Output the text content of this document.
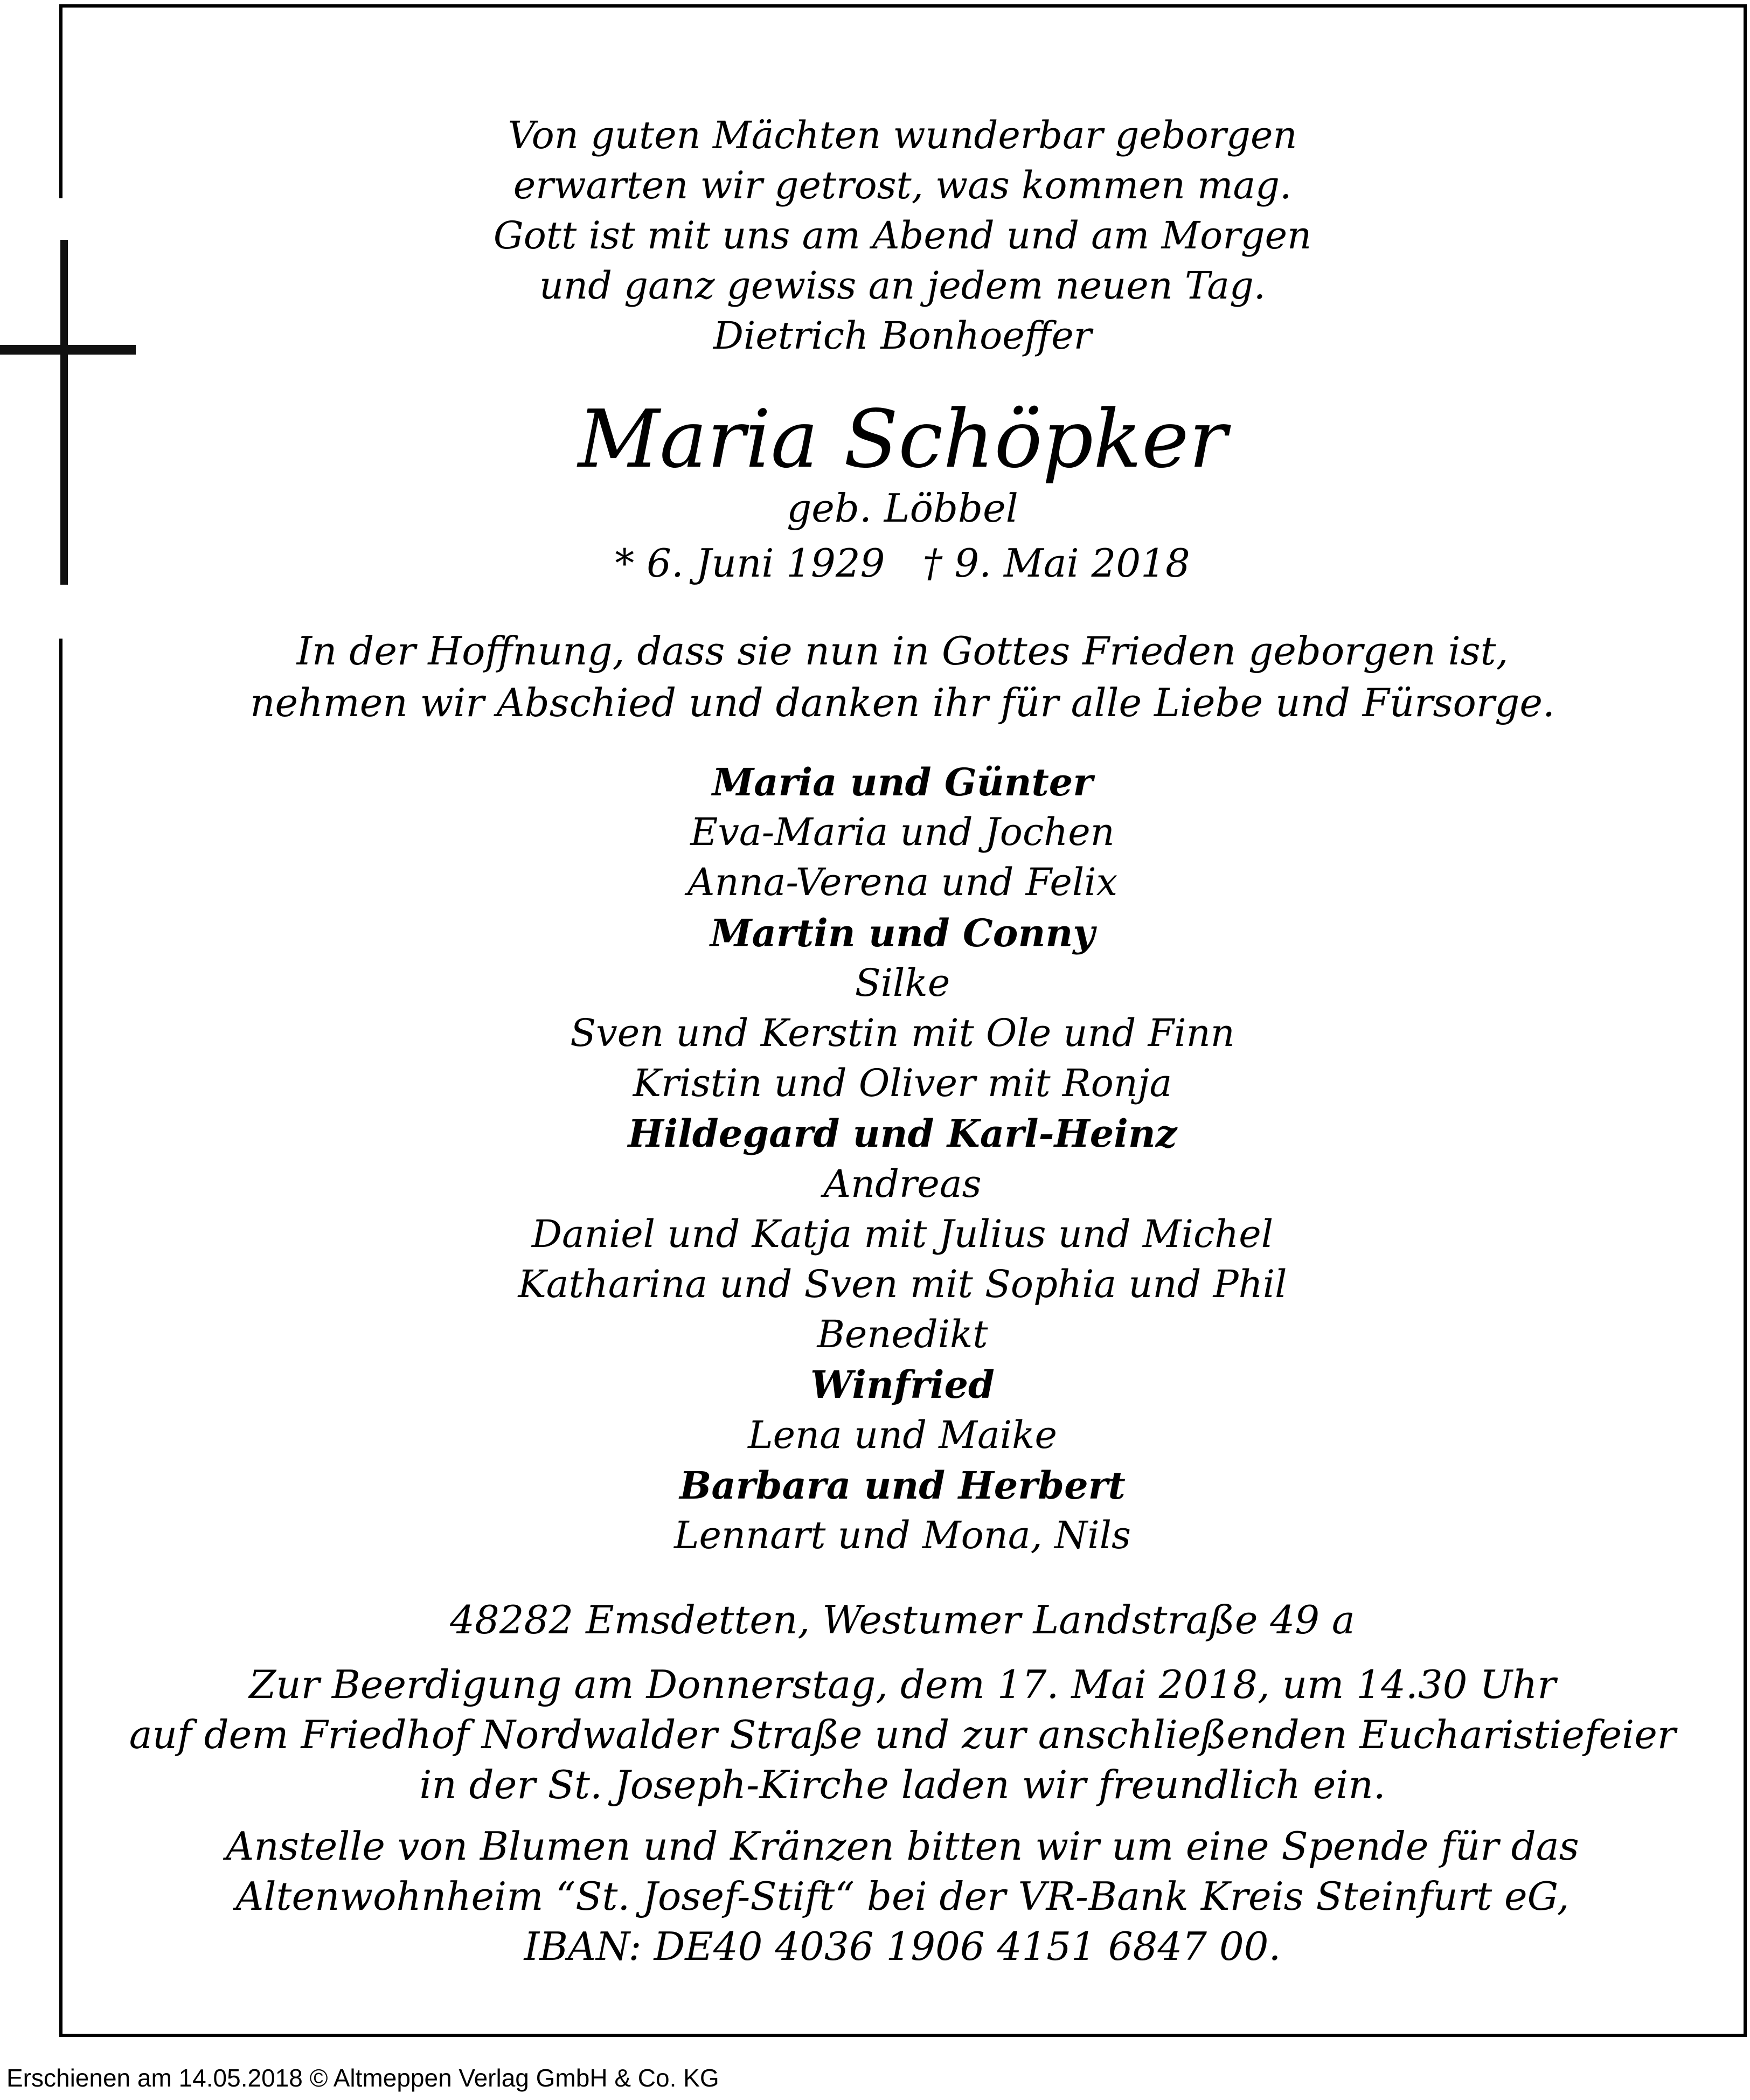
Von guten Mächten wunderbar geborgen
erwarten wir getrost, was kommen mag.
Gott ist mit uns am Abend und am Morgen
und ganz gewiss an jedem neuen Tag.
Dietrich Bonhoeffer
Maria Schöpker
geb. Löbbel
* 6. Juni 1929 † 9. Mai 2018
In der Hoffnung, dass sie nun in Gottes Frieden geborgen ist,
nehmen wir Abschied und danken ihr für alle Liebe und Fürsorge.
Maria und Günter
Eva-Maria und Jochen
Anna-Verena und Felix
Martin und Conny
Silke
Sven und Kerstin mit Ole und Finn
Kristin und Oliver mit Ronja
Hildegard und Karl-Heinz
Andreas
Daniel und Katja mit Julius und Michel
Katharina und Sven mit Sophia und Phil
Benedikt
Winfried
Lena und Maike
Barbara und Herbert
Lennart und Mona, Nils
48282 Emsdetten, Westumer Landstraße 49 a
Zur Beerdigung am Donnerstag, dem 17. Mai 2018, um 14.30 Uhr
auf dem Friedhof Nordwalder Straße und zur anschließenden Eucharistiefeier
in der St. Joseph-Kirche laden wir freundlich ein.
Anstelle von Blumen und Kränzen bitten wir um eine Spende für das
Altenwohnheim “St. Josef-Stift“ bei der VR-Bank Kreis Steinfurt eG,
IBAN: DE40 4036 1906 4151 6847 00.
Erschienen am 14.05.2018 © Altmeppen Verlag GmbH & Co. KG
